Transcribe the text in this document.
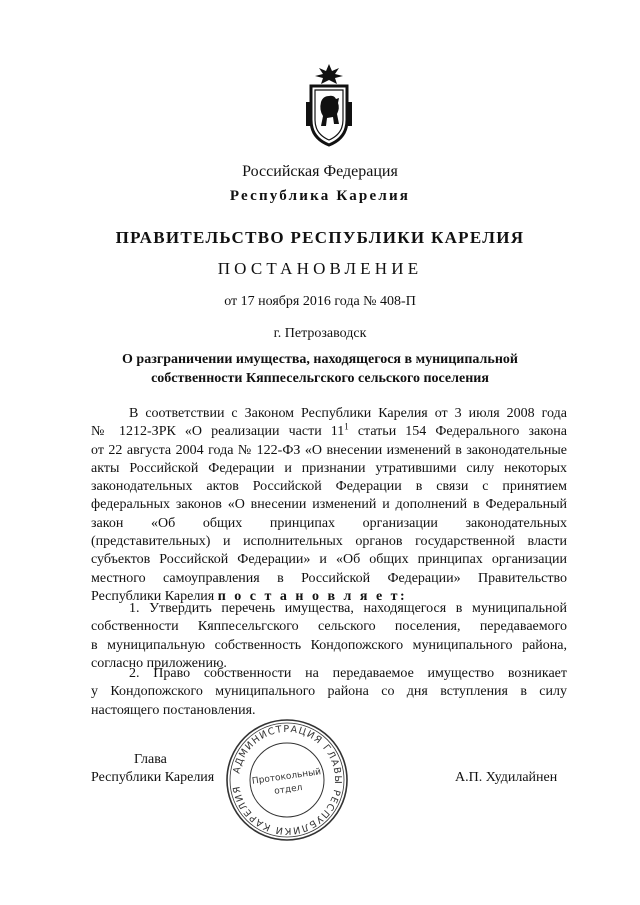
Российская Федерация
Республика Карелия
ПРАВИТЕЛЬСТВО РЕСПУБЛИКИ КАРЕЛИЯ
ПОСТАНОВЛЕНИЕ
от 17 ноября 2016 года № 408-П
г. Петрозаводск
О разграничении имущества, находящегося в муниципальной
собственности Кяппесельгского сельского поселения
В соответствии с Законом Республики Карелия от 3 июля 2008 года
№ 1212-ЗРК «О реализации части $11^1$ статьи 154 Федерального закона
от 22 августа 2004 года № 122-ФЗ «О внесении изменений в законодательные
акты Российской Федерации и признании утратившими силу некоторых
законодательных актов Российской Федерации в связи с принятием
федеральных законов «О внесении изменений и дополнений в Федеральный
закон «Об общих принципах организации законодательных
(представительных) и исполнительных органов государственной власти
субъектов Российской Федерации» и «Об общих принципах организации
местного самоуправления в Российской Федерации» Правительство
Республики Карелия п о с т а н о в л я е т:
1. Утвердить перечень имущества, находящегося в муниципальной
собственности Кяппесельгского сельского поселения, передаваемого
в муниципальную собственность Кондопожского муниципального района,
согласно приложению.
2. Право собственности на передаваемое имущество возникает
у Кондопожского муниципального района со дня вступления в силу
настоящего постановления.
Глава
Республики Карелия	А.П. Худилайнен
АДМИНИСТРАЦИЯ ГЛАВЫ РЕСПУБЛИКИ КАРЕЛИЯ
Протокольный
отдел
